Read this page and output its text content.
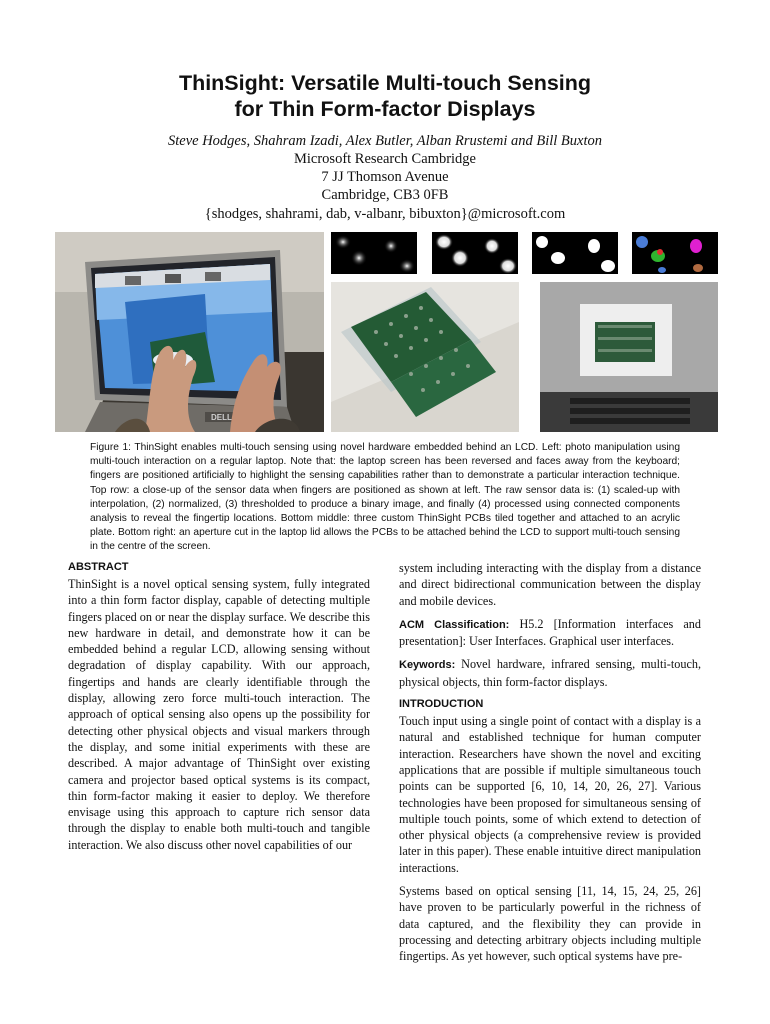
ThinSight: Versatile Multi-touch Sensing
for Thin Form-factor Displays
Steve Hodges, Shahram Izadi, Alex Butler, Alban Rrustemi and Bill Buxton
Microsoft Research Cambridge
7 JJ Thomson Avenue
Cambridge, CB3 0FB
{shodges, shahrami, dab, v-albanr, bibuxton}@microsoft.com
DELL
Figure 1: ThinSight enables multi-touch sensing using novel hardware embedded behind an LCD. Left: photo manipulation using multi-touch interaction on a regular laptop. Note that: the laptop screen has been reversed and faces away from the keyboard; fingers are positioned artificially to highlight the sensing capabilities rather than to demonstrate a particular interaction technique. Top row: a close-up of the sensor data when fingers are positioned as shown at left. The raw sensor data is: (1) scaled-up with interpolation, (2) normalized, (3) thresholded to produce a binary image, and finally (4) processed using connected components analysis to reveal the fingertip locations. Bottom middle: three custom ThinSight PCBs tiled together and attached to an acrylic plate. Bottom right: an aperture cut in the laptop lid allows the PCBs to be attached behind the LCD to support multi-touch sensing in the centre of the screen.
ABSTRACT

ThinSight is a novel optical sensing system, fully integrated into a thin form factor display, capable of detecting multiple fingers placed on or near the display surface. We describe this new hardware in detail, and demonstrate how it can be embedded behind a regular LCD, allowing sensing without degradation of display capability. With our approach, fingertips and hands are clearly identifiable through the display, allowing zero force multi-touch interaction. The approach of optical sensing also opens up the possibility for detecting other physical objects and visual markers through the display, and some initial experiments with these are described. A major advantage of ThinSight over existing camera and projector based optical systems is its compact, thin form-factor making it easier to deploy. We therefore envisage using this approach to capture rich sensor data through the display to enable both multi-touch and tangible interaction. We also discuss other novel capabilities of our

system including interacting with the display from a distance and direct bidirectional communication between the display and mobile devices.

ACM Classification: H5.2 [Information interfaces and presentation]: User Interfaces. Graphical user interfaces.

Keywords: Novel hardware, infrared sensing, multi-touch, physical objects, thin form-factor displays.

INTRODUCTION

Touch input using a single point of contact with a display is a natural and established technique for human computer interaction. Researchers have shown the novel and exciting applications that are possible if multiple simultaneous touch points can be supported [6, 10, 14, 20, 26, 27]. Various technologies have been proposed for simultaneous sensing of multiple touch points, some of which extend to detection of other physical objects (a comprehensive review is provided later in this paper). These enable intuitive direct manipulation interactions.

Systems based on optical sensing [11, 14, 15, 24, 25, 26] have proven to be particularly powerful in the richness of data captured, and the flexibility they can provide in processing and detecting arbitrary objects including multiple fingertips. As yet however, such optical systems have pre-
